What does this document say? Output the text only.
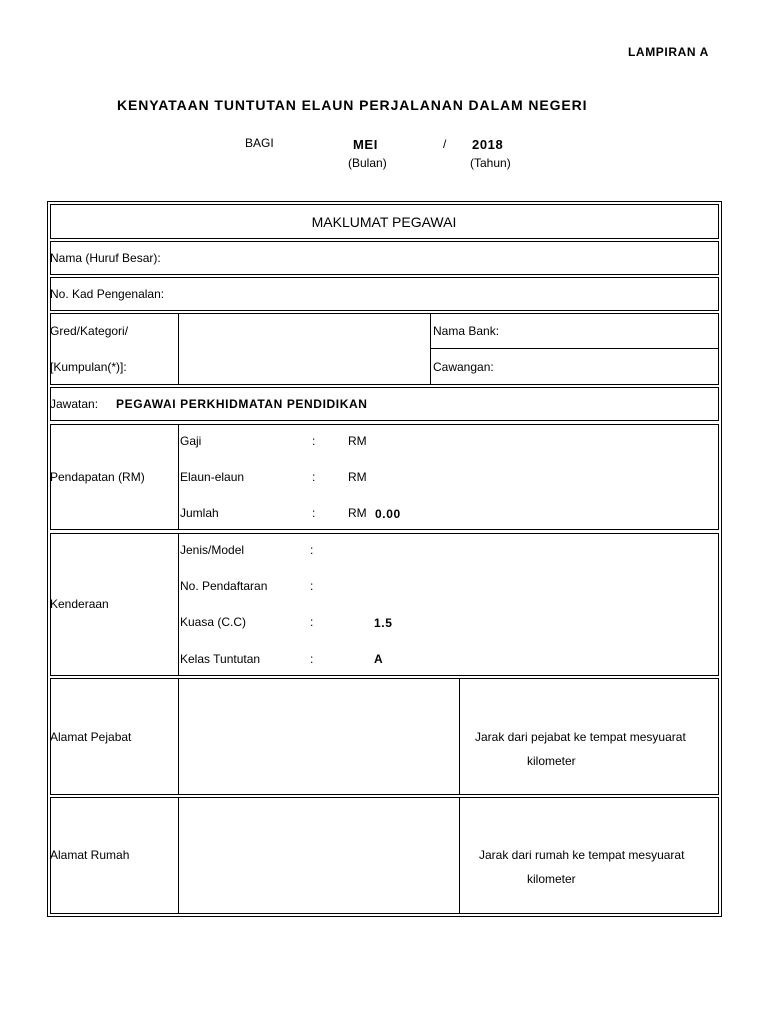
LAMPIRAN A
KENYATAAN TUNTUTAN ELAUN PERJALANAN DALAM NEGERI
BAGI	MEI	/ 2018
(Bulan)	(Tahun)
MAKLUMAT PEGAWAI
Nama (Huruf Besar):
No. Kad Pengenalan:
Gred/Kategori/
[Kumpulan(*)]:
Nama Bank:
Cawangan:
Jawatan: PEGAWAI PERKHIDMATAN PENDIDIKAN
Pendapatan (RM)
Gaji	:	RM
Elaun-elaun	:	RM
Jumlah	:	RM 0.00
Kenderaan
Jenis/Model	:
No. Pendaftaran	:
Kuasa (C.C)	:	1.5
Kelas Tuntutan	:	A
Alamat Pejabat	Jarak dari pejabat ke tempat mesyuarat
kilometer
Alamat Rumah	Jarak dari rumah ke tempat mesyuarat
kilometer
